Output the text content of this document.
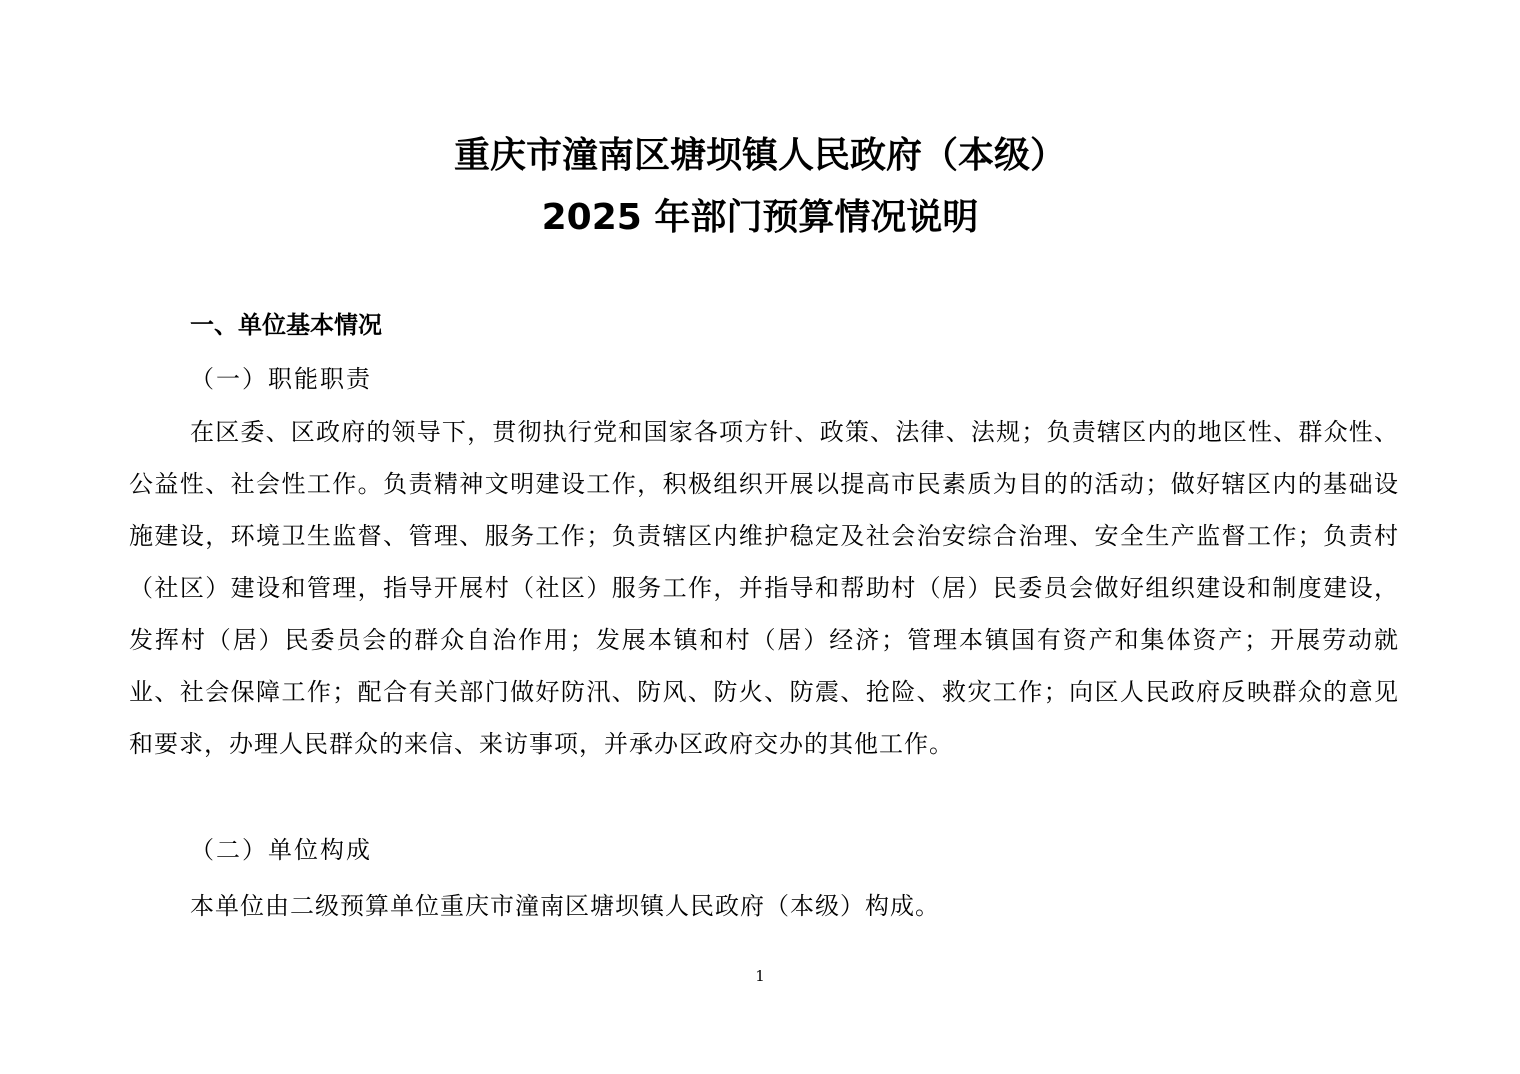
重庆市潼南区塘坝镇人民政府（本级）
2025 年部门预算情况说明
一、单位基本情况
（一）职能职责
在区委、区政府的领导下，贯彻执行党和国家各项方针、政策、法律、法规；负责辖区内的地区性、群众性、公益性、社会性工作。负责精神文明建设工作，积极组织开展以提高市民素质为目的的活动；做好辖区内的基础设施建设，环境卫生监督、管理、服务工作；负责辖区内维护稳定及社会治安综合治理、安全生产监督工作；负责村（社区）建设和管理，指导开展村（社区）服务工作，并指导和帮助村（居）民委员会做好组织建设和制度建设，发挥村（居）民委员会的群众自治作用；发展本镇和村（居）经济；管理本镇国有资产和集体资产；开展劳动就业、社会保障工作；配合有关部门做好防汛、防风、防火、防震、抢险、救灾工作；向区人民政府反映群众的意见和要求，办理人民群众的来信、来访事项，并承办区政府交办的其他工作。
（二）单位构成
本单位由二级预算单位重庆市潼南区塘坝镇人民政府（本级）构成。
1
